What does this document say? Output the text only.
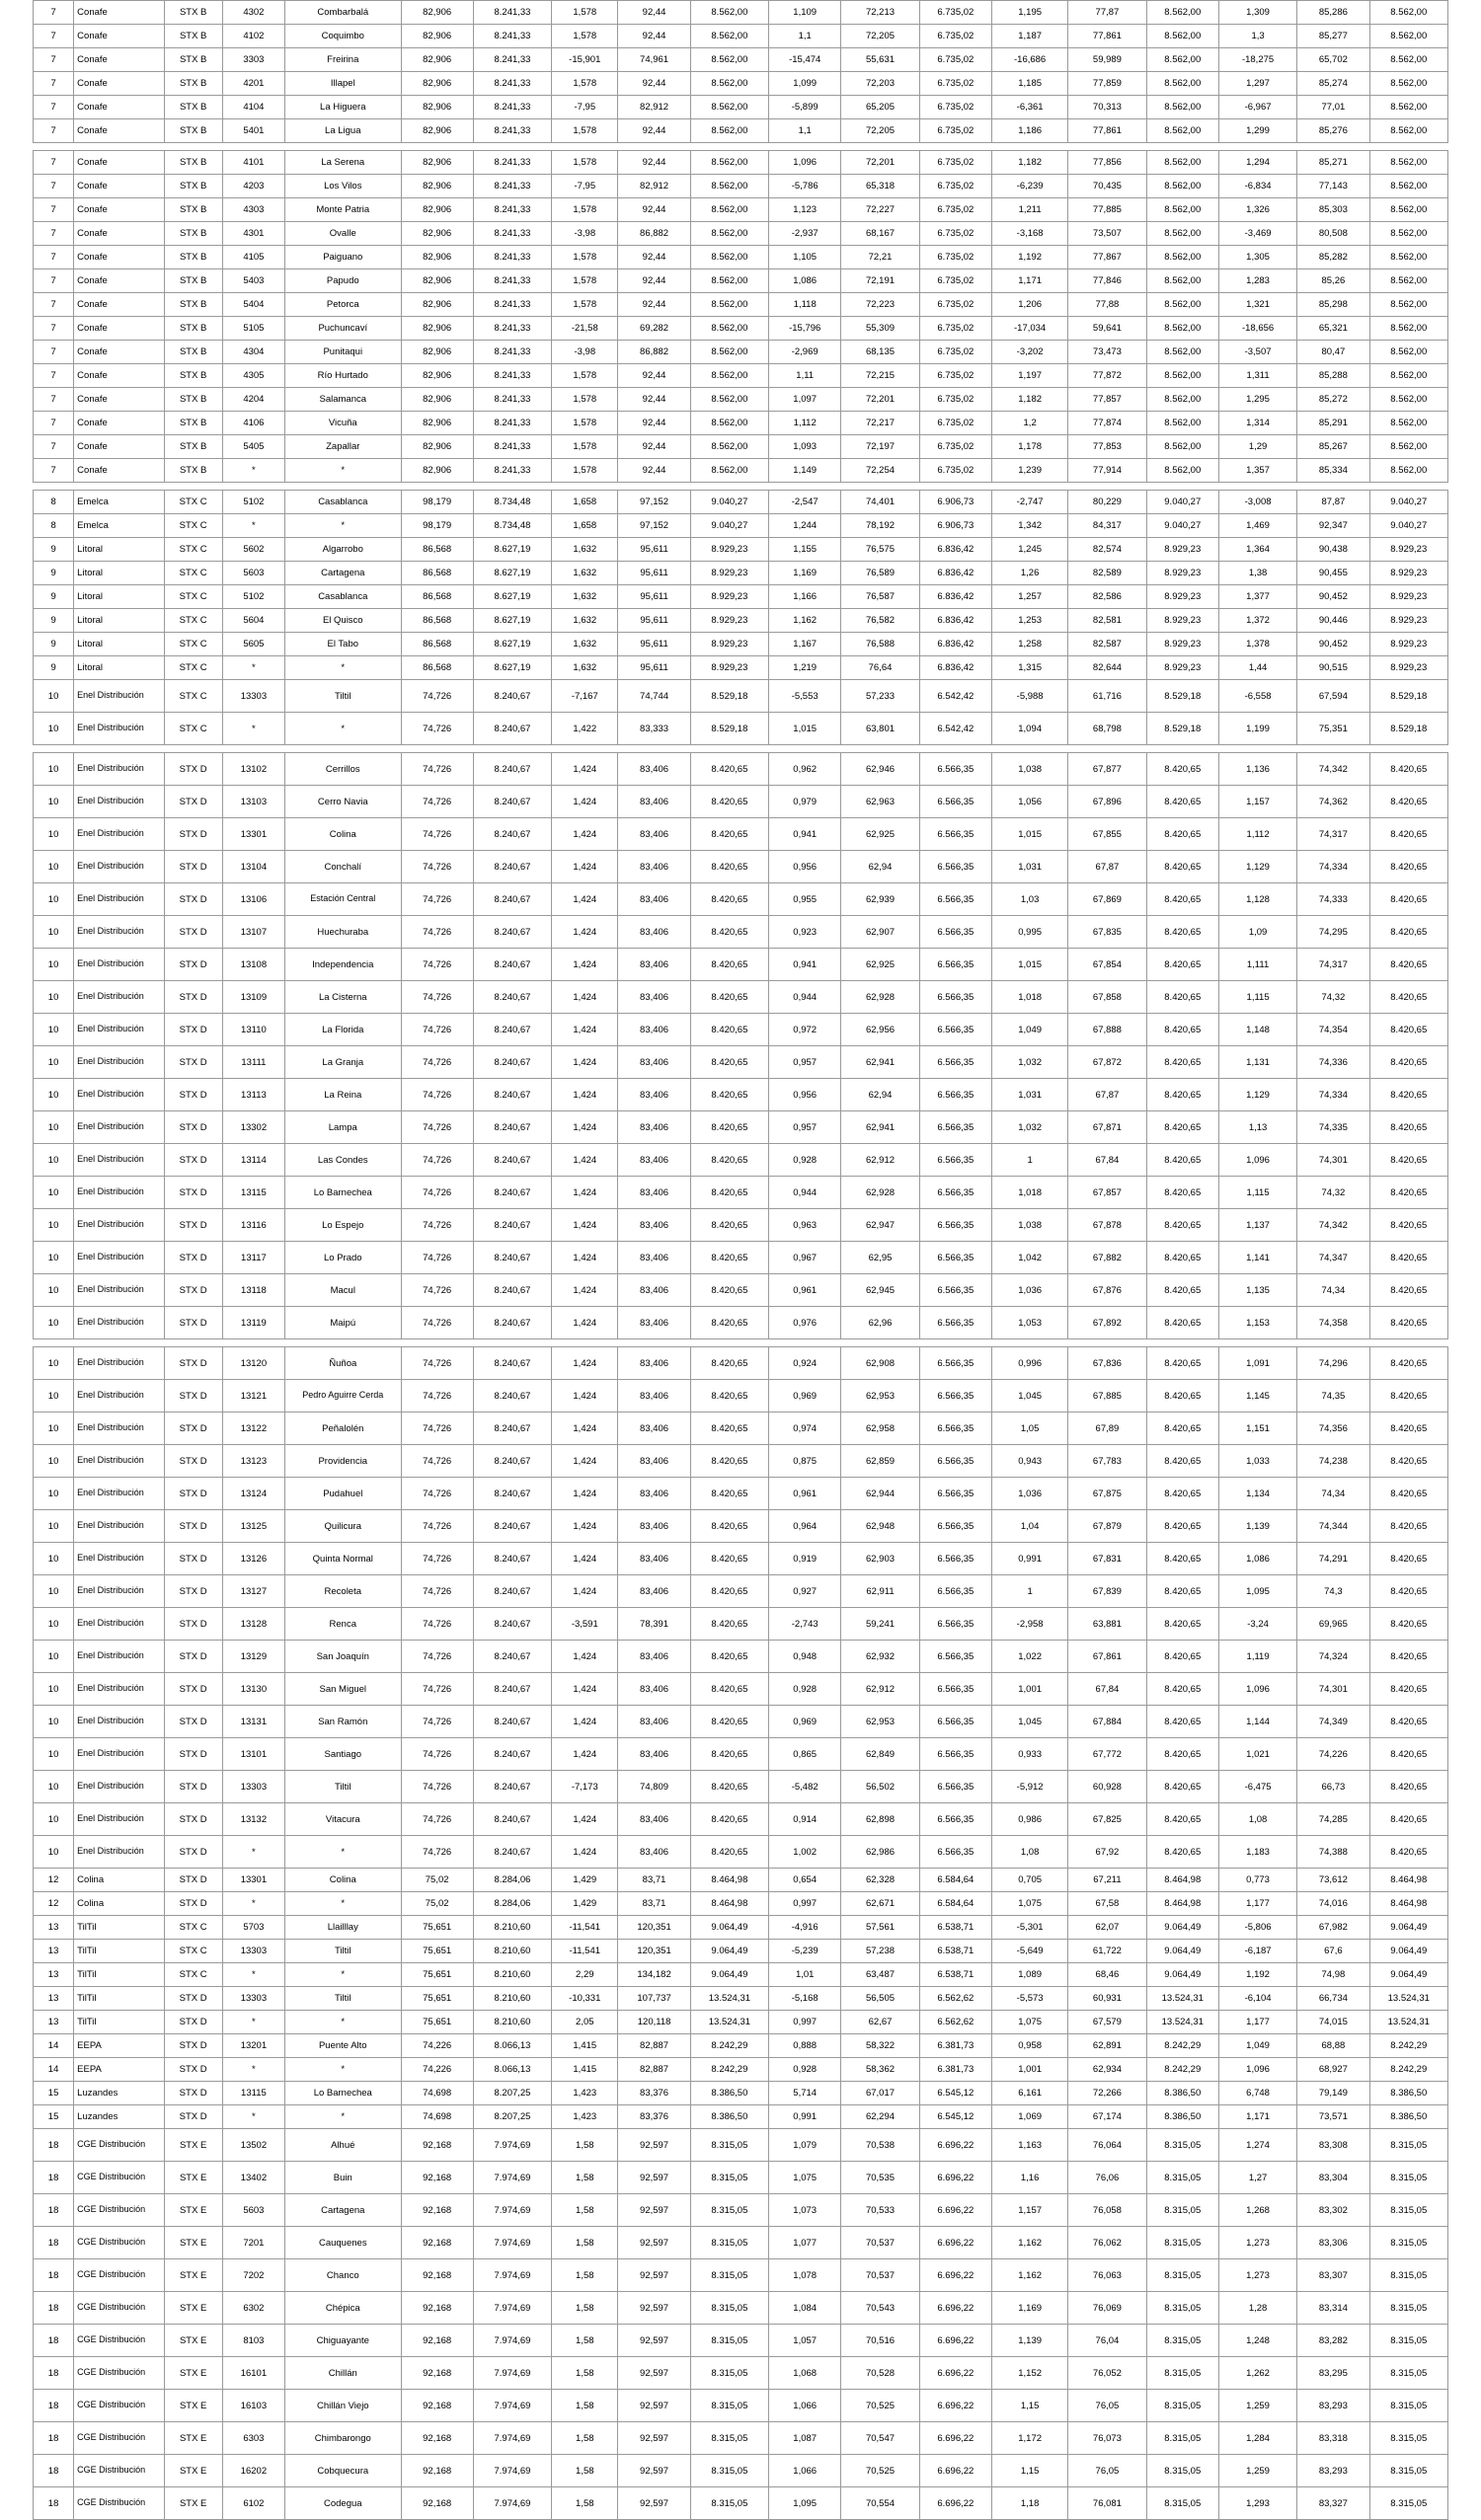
7	Conafe	STX B	4302	Combarbalá	82,906	8.241,33	1,578	92,44	8.562,00	1,109	72,213	6.735,02	1,195	77,87	8.562,00	1,309	85,286	8.562,00
7	Conafe	STX B	4102	Coquimbo	82,906	8.241,33	1,578	92,44	8.562,00	1,1	72,205	6.735,02	1,187	77,861	8.562,00	1,3	85,277	8.562,00
7	Conafe	STX B	3303	Freirina	82,906	8.241,33	-15,901	74,961	8.562,00	-15,474	55,631	6.735,02	-16,686	59,989	8.562,00	-18,275	65,702	8.562,00
7	Conafe	STX B	4201	Illapel	82,906	8.241,33	1,578	92,44	8.562,00	1,099	72,203	6.735,02	1,185	77,859	8.562,00	1,297	85,274	8.562,00
7	Conafe	STX B	4104	La Higuera	82,906	8.241,33	-7,95	82,912	8.562,00	-5,899	65,205	6.735,02	-6,361	70,313	8.562,00	-6,967	77,01	8.562,00
7	Conafe	STX B	5401	La Ligua	82,906	8.241,33	1,578	92,44	8.562,00	1,1	72,205	6.735,02	1,186	77,861	8.562,00	1,299	85,276	8.562,00

7	Conafe	STX B	4101	La Serena	82,906	8.241,33	1,578	92,44	8.562,00	1,096	72,201	6.735,02	1,182	77,856	8.562,00	1,294	85,271	8.562,00
7	Conafe	STX B	4203	Los Vilos	82,906	8.241,33	-7,95	82,912	8.562,00	-5,786	65,318	6.735,02	-6,239	70,435	8.562,00	-6,834	77,143	8.562,00
7	Conafe	STX B	4303	Monte Patria	82,906	8.241,33	1,578	92,44	8.562,00	1,123	72,227	6.735,02	1,211	77,885	8.562,00	1,326	85,303	8.562,00
7	Conafe	STX B	4301	Ovalle	82,906	8.241,33	-3,98	86,882	8.562,00	-2,937	68,167	6.735,02	-3,168	73,507	8.562,00	-3,469	80,508	8.562,00
7	Conafe	STX B	4105	Paiguano	82,906	8.241,33	1,578	92,44	8.562,00	1,105	72,21	6.735,02	1,192	77,867	8.562,00	1,305	85,282	8.562,00
7	Conafe	STX B	5403	Papudo	82,906	8.241,33	1,578	92,44	8.562,00	1,086	72,191	6.735,02	1,171	77,846	8.562,00	1,283	85,26	8.562,00
7	Conafe	STX B	5404	Petorca	82,906	8.241,33	1,578	92,44	8.562,00	1,118	72,223	6.735,02	1,206	77,88	8.562,00	1,321	85,298	8.562,00
7	Conafe	STX B	5105	Puchuncaví	82,906	8.241,33	-21,58	69,282	8.562,00	-15,796	55,309	6.735,02	-17,034	59,641	8.562,00	-18,656	65,321	8.562,00
7	Conafe	STX B	4304	Punitaqui	82,906	8.241,33	-3,98	86,882	8.562,00	-2,969	68,135	6.735,02	-3,202	73,473	8.562,00	-3,507	80,47	8.562,00
7	Conafe	STX B	4305	Río Hurtado	82,906	8.241,33	1,578	92,44	8.562,00	1,11	72,215	6.735,02	1,197	77,872	8.562,00	1,311	85,288	8.562,00
7	Conafe	STX B	4204	Salamanca	82,906	8.241,33	1,578	92,44	8.562,00	1,097	72,201	6.735,02	1,182	77,857	8.562,00	1,295	85,272	8.562,00
7	Conafe	STX B	4106	Vicuña	82,906	8.241,33	1,578	92,44	8.562,00	1,112	72,217	6.735,02	1,2	77,874	8.562,00	1,314	85,291	8.562,00
7	Conafe	STX B	5405	Zapallar	82,906	8.241,33	1,578	92,44	8.562,00	1,093	72,197	6.735,02	1,178	77,853	8.562,00	1,29	85,267	8.562,00
7	Conafe	STX B	*	*	82,906	8.241,33	1,578	92,44	8.562,00	1,149	72,254	6.735,02	1,239	77,914	8.562,00	1,357	85,334	8.562,00

8	Emelca	STX C	5102	Casablanca	98,179	8.734,48	1,658	97,152	9.040,27	-2,547	74,401	6.906,73	-2,747	80,229	9.040,27	-3,008	87,87	9.040,27
8	Emelca	STX C	*	*	98,179	8.734,48	1,658	97,152	9.040,27	1,244	78,192	6.906,73	1,342	84,317	9.040,27	1,469	92,347	9.040,27
9	Litoral	STX C	5602	Algarrobo	86,568	8.627,19	1,632	95,611	8.929,23	1,155	76,575	6.836,42	1,245	82,574	8.929,23	1,364	90,438	8.929,23
9	Litoral	STX C	5603	Cartagena	86,568	8.627,19	1,632	95,611	8.929,23	1,169	76,589	6.836,42	1,26	82,589	8.929,23	1,38	90,455	8.929,23
9	Litoral	STX C	5102	Casablanca	86,568	8.627,19	1,632	95,611	8.929,23	1,166	76,587	6.836,42	1,257	82,586	8.929,23	1,377	90,452	8.929,23
9	Litoral	STX C	5604	El Quisco	86,568	8.627,19	1,632	95,611	8.929,23	1,162	76,582	6.836,42	1,253	82,581	8.929,23	1,372	90,446	8.929,23
9	Litoral	STX C	5605	El Tabo	86,568	8.627,19	1,632	95,611	8.929,23	1,167	76,588	6.836,42	1,258	82,587	8.929,23	1,378	90,452	8.929,23
9	Litoral	STX C	*	*	86,568	8.627,19	1,632	95,611	8.929,23	1,219	76,64	6.836,42	1,315	82,644	8.929,23	1,44	90,515	8.929,23
10	Enel Distribución	STX C	13303	Tiltil	74,726	8.240,67	-7,167	74,744	8.529,18	-5,553	57,233	6.542,42	-5,988	61,716	8.529,18	-6,558	67,594	8.529,18
10	Enel Distribución	STX C	*	*	74,726	8.240,67	1,422	83,333	8.529,18	1,015	63,801	6.542,42	1,094	68,798	8.529,18	1,199	75,351	8.529,18

10	Enel Distribución	STX D	13102	Cerrillos	74,726	8.240,67	1,424	83,406	8.420,65	0,962	62,946	6.566,35	1,038	67,877	8.420,65	1,136	74,342	8.420,65
10	Enel Distribución	STX D	13103	Cerro Navia	74,726	8.240,67	1,424	83,406	8.420,65	0,979	62,963	6.566,35	1,056	67,896	8.420,65	1,157	74,362	8.420,65
10	Enel Distribución	STX D	13301	Colina	74,726	8.240,67	1,424	83,406	8.420,65	0,941	62,925	6.566,35	1,015	67,855	8.420,65	1,112	74,317	8.420,65
10	Enel Distribución	STX D	13104	Conchalí	74,726	8.240,67	1,424	83,406	8.420,65	0,956	62,94	6.566,35	1,031	67,87	8.420,65	1,129	74,334	8.420,65
10	Enel Distribución	STX D	13106	Estación Central	74,726	8.240,67	1,424	83,406	8.420,65	0,955	62,939	6.566,35	1,03	67,869	8.420,65	1,128	74,333	8.420,65
10	Enel Distribución	STX D	13107	Huechuraba	74,726	8.240,67	1,424	83,406	8.420,65	0,923	62,907	6.566,35	0,995	67,835	8.420,65	1,09	74,295	8.420,65
10	Enel Distribución	STX D	13108	Independencia	74,726	8.240,67	1,424	83,406	8.420,65	0,941	62,925	6.566,35	1,015	67,854	8.420,65	1,111	74,317	8.420,65
10	Enel Distribución	STX D	13109	La Cisterna	74,726	8.240,67	1,424	83,406	8.420,65	0,944	62,928	6.566,35	1,018	67,858	8.420,65	1,115	74,32	8.420,65
10	Enel Distribución	STX D	13110	La Florida	74,726	8.240,67	1,424	83,406	8.420,65	0,972	62,956	6.566,35	1,049	67,888	8.420,65	1,148	74,354	8.420,65
10	Enel Distribución	STX D	13111	La Granja	74,726	8.240,67	1,424	83,406	8.420,65	0,957	62,941	6.566,35	1,032	67,872	8.420,65	1,131	74,336	8.420,65
10	Enel Distribución	STX D	13113	La Reina	74,726	8.240,67	1,424	83,406	8.420,65	0,956	62,94	6.566,35	1,031	67,87	8.420,65	1,129	74,334	8.420,65
10	Enel Distribución	STX D	13302	Lampa	74,726	8.240,67	1,424	83,406	8.420,65	0,957	62,941	6.566,35	1,032	67,871	8.420,65	1,13	74,335	8.420,65
10	Enel Distribución	STX D	13114	Las Condes	74,726	8.240,67	1,424	83,406	8.420,65	0,928	62,912	6.566,35	1	67,84	8.420,65	1,096	74,301	8.420,65
10	Enel Distribución	STX D	13115	Lo Barnechea	74,726	8.240,67	1,424	83,406	8.420,65	0,944	62,928	6.566,35	1,018	67,857	8.420,65	1,115	74,32	8.420,65
10	Enel Distribución	STX D	13116	Lo Espejo	74,726	8.240,67	1,424	83,406	8.420,65	0,963	62,947	6.566,35	1,038	67,878	8.420,65	1,137	74,342	8.420,65
10	Enel Distribución	STX D	13117	Lo Prado	74,726	8.240,67	1,424	83,406	8.420,65	0,967	62,95	6.566,35	1,042	67,882	8.420,65	1,141	74,347	8.420,65
10	Enel Distribución	STX D	13118	Macul	74,726	8.240,67	1,424	83,406	8.420,65	0,961	62,945	6.566,35	1,036	67,876	8.420,65	1,135	74,34	8.420,65
10	Enel Distribución	STX D	13119	Maipú	74,726	8.240,67	1,424	83,406	8.420,65	0,976	62,96	6.566,35	1,053	67,892	8.420,65	1,153	74,358	8.420,65

10	Enel Distribución	STX D	13120	Ñuñoa	74,726	8.240,67	1,424	83,406	8.420,65	0,924	62,908	6.566,35	0,996	67,836	8.420,65	1,091	74,296	8.420,65
10	Enel Distribución	STX D	13121	Pedro Aguirre Cerda	74,726	8.240,67	1,424	83,406	8.420,65	0,969	62,953	6.566,35	1,045	67,885	8.420,65	1,145	74,35	8.420,65
10	Enel Distribución	STX D	13122	Peñalolén	74,726	8.240,67	1,424	83,406	8.420,65	0,974	62,958	6.566,35	1,05	67,89	8.420,65	1,151	74,356	8.420,65
10	Enel Distribución	STX D	13123	Providencia	74,726	8.240,67	1,424	83,406	8.420,65	0,875	62,859	6.566,35	0,943	67,783	8.420,65	1,033	74,238	8.420,65
10	Enel Distribución	STX D	13124	Pudahuel	74,726	8.240,67	1,424	83,406	8.420,65	0,961	62,944	6.566,35	1,036	67,875	8.420,65	1,134	74,34	8.420,65
10	Enel Distribución	STX D	13125	Quilicura	74,726	8.240,67	1,424	83,406	8.420,65	0,964	62,948	6.566,35	1,04	67,879	8.420,65	1,139	74,344	8.420,65
10	Enel Distribución	STX D	13126	Quinta Normal	74,726	8.240,67	1,424	83,406	8.420,65	0,919	62,903	6.566,35	0,991	67,831	8.420,65	1,086	74,291	8.420,65
10	Enel Distribución	STX D	13127	Recoleta	74,726	8.240,67	1,424	83,406	8.420,65	0,927	62,911	6.566,35	1	67,839	8.420,65	1,095	74,3	8.420,65
10	Enel Distribución	STX D	13128	Renca	74,726	8.240,67	-3,591	78,391	8.420,65	-2,743	59,241	6.566,35	-2,958	63,881	8.420,65	-3,24	69,965	8.420,65
10	Enel Distribución	STX D	13129	San Joaquín	74,726	8.240,67	1,424	83,406	8.420,65	0,948	62,932	6.566,35	1,022	67,861	8.420,65	1,119	74,324	8.420,65
10	Enel Distribución	STX D	13130	San Miguel	74,726	8.240,67	1,424	83,406	8.420,65	0,928	62,912	6.566,35	1,001	67,84	8.420,65	1,096	74,301	8.420,65
10	Enel Distribución	STX D	13131	San Ramón	74,726	8.240,67	1,424	83,406	8.420,65	0,969	62,953	6.566,35	1,045	67,884	8.420,65	1,144	74,349	8.420,65
10	Enel Distribución	STX D	13101	Santiago	74,726	8.240,67	1,424	83,406	8.420,65	0,865	62,849	6.566,35	0,933	67,772	8.420,65	1,021	74,226	8.420,65
10	Enel Distribución	STX D	13303	Tiltil	74,726	8.240,67	-7,173	74,809	8.420,65	-5,482	56,502	6.566,35	-5,912	60,928	8.420,65	-6,475	66,73	8.420,65
10	Enel Distribución	STX D	13132	Vitacura	74,726	8.240,67	1,424	83,406	8.420,65	0,914	62,898	6.566,35	0,986	67,825	8.420,65	1,08	74,285	8.420,65
10	Enel Distribución	STX D	*	*	74,726	8.240,67	1,424	83,406	8.420,65	1,002	62,986	6.566,35	1,08	67,92	8.420,65	1,183	74,388	8.420,65
12	Colina	STX D	13301	Colina	75,02	8.284,06	1,429	83,71	8.464,98	0,654	62,328	6.584,64	0,705	67,211	8.464,98	0,773	73,612	8.464,98
12	Colina	STX D	*	*	75,02	8.284,06	1,429	83,71	8.464,98	0,997	62,671	6.584,64	1,075	67,58	8.464,98	1,177	74,016	8.464,98
13	TilTil	STX C	5703	Llailllay	75,651	8.210,60	-11,541	120,351	9.064,49	-4,916	57,561	6.538,71	-5,301	62,07	9.064,49	-5,806	67,982	9.064,49
13	TilTil	STX C	13303	Tiltil	75,651	8.210,60	-11,541	120,351	9.064,49	-5,239	57,238	6.538,71	-5,649	61,722	9.064,49	-6,187	67,6	9.064,49
13	TilTil	STX C	*	*	75,651	8.210,60	2,29	134,182	9.064,49	1,01	63,487	6.538,71	1,089	68,46	9.064,49	1,192	74,98	9.064,49
13	TilTil	STX D	13303	Tiltil	75,651	8.210,60	-10,331	107,737	13.524,31	-5,168	56,505	6.562,62	-5,573	60,931	13.524,31	-6,104	66,734	13.524,31
13	TilTil	STX D	*	*	75,651	8.210,60	2,05	120,118	13.524,31	0,997	62,67	6.562,62	1,075	67,579	13.524,31	1,177	74,015	13.524,31
14	EEPA	STX D	13201	Puente Alto	74,226	8.066,13	1,415	82,887	8.242,29	0,888	58,322	6.381,73	0,958	62,891	8.242,29	1,049	68,88	8.242,29
14	EEPA	STX D	*	*	74,226	8.066,13	1,415	82,887	8.242,29	0,928	58,362	6.381,73	1,001	62,934	8.242,29	1,096	68,927	8.242,29
15	Luzandes	STX D	13115	Lo Barnechea	74,698	8.207,25	1,423	83,376	8.386,50	5,714	67,017	6.545,12	6,161	72,266	8.386,50	6,748	79,149	8.386,50
15	Luzandes	STX D	*	*	74,698	8.207,25	1,423	83,376	8.386,50	0,991	62,294	6.545,12	1,069	67,174	8.386,50	1,171	73,571	8.386,50
18	CGE Distribución	STX E	13502	Alhué	92,168	7.974,69	1,58	92,597	8.315,05	1,079	70,538	6.696,22	1,163	76,064	8.315,05	1,274	83,308	8.315,05
18	CGE Distribución	STX E	13402	Buin	92,168	7.974,69	1,58	92,597	8.315,05	1,075	70,535	6.696,22	1,16	76,06	8.315,05	1,27	83,304	8.315,05
18	CGE Distribución	STX E	5603	Cartagena	92,168	7.974,69	1,58	92,597	8.315,05	1,073	70,533	6.696,22	1,157	76,058	8.315,05	1,268	83,302	8.315,05
18	CGE Distribución	STX E	7201	Cauquenes	92,168	7.974,69	1,58	92,597	8.315,05	1,077	70,537	6.696,22	1,162	76,062	8.315,05	1,273	83,306	8.315,05
18	CGE Distribución	STX E	7202	Chanco	92,168	7.974,69	1,58	92,597	8.315,05	1,078	70,537	6.696,22	1,162	76,063	8.315,05	1,273	83,307	8.315,05
18	CGE Distribución	STX E	6302	Chépica	92,168	7.974,69	1,58	92,597	8.315,05	1,084	70,543	6.696,22	1,169	76,069	8.315,05	1,28	83,314	8.315,05
18	CGE Distribución	STX E	8103	Chiguayante	92,168	7.974,69	1,58	92,597	8.315,05	1,057	70,516	6.696,22	1,139	76,04	8.315,05	1,248	83,282	8.315,05
18	CGE Distribución	STX E	16101	Chillán	92,168	7.974,69	1,58	92,597	8.315,05	1,068	70,528	6.696,22	1,152	76,052	8.315,05	1,262	83,295	8.315,05
18	CGE Distribución	STX E	16103	Chillán Viejo	92,168	7.974,69	1,58	92,597	8.315,05	1,066	70,525	6.696,22	1,15	76,05	8.315,05	1,259	83,293	8.315,05
18	CGE Distribución	STX E	6303	Chimbarongo	92,168	7.974,69	1,58	92,597	8.315,05	1,087	70,547	6.696,22	1,172	76,073	8.315,05	1,284	83,318	8.315,05
18	CGE Distribución	STX E	16202	Cobquecura	92,168	7.974,69	1,58	92,597	8.315,05	1,066	70,525	6.696,22	1,15	76,05	8.315,05	1,259	83,293	8.315,05
18	CGE Distribución	STX E	6102	Codegua	92,168	7.974,69	1,58	92,597	8.315,05	1,095	70,554	6.696,22	1,18	76,081	8.315,05	1,293	83,327	8.315,05
